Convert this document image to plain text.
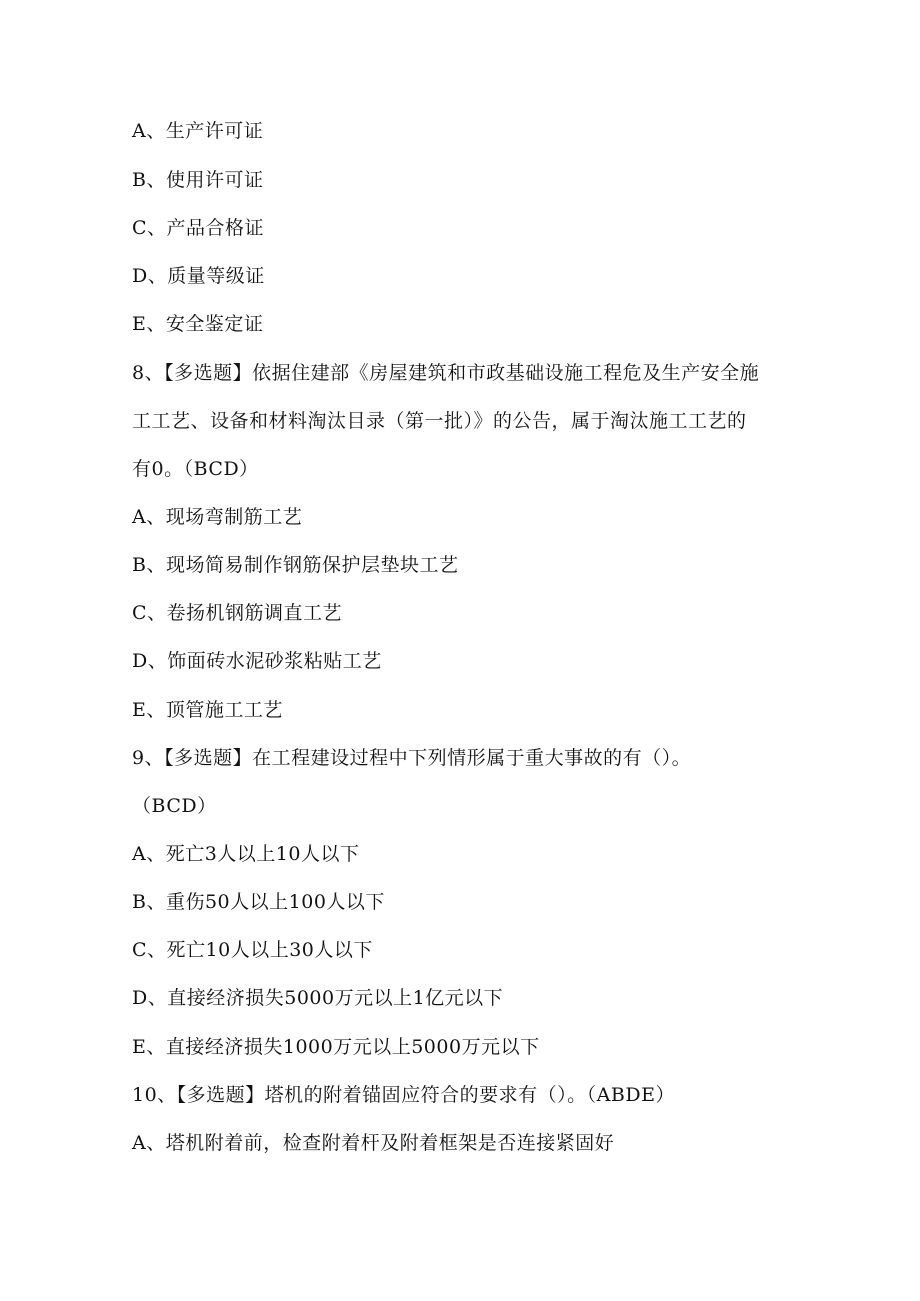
A、生产许可证
B、使用许可证
C、产品合格证
D、质量等级证
E、安全鉴定证
8、【多选题】依据住建部《房屋建筑和市政基础设施工程危及生产安全施
工工艺、设备和材料淘汰目录（第一批）》的公告，属于淘汰施工工艺的
有0。（BCD）
A、现场弯制筋工艺
B、现场简易制作钢筋保护层垫块工艺
C、卷扬机钢筋调直工艺
D、饰面砖水泥砂浆粘贴工艺
E、顶管施工工艺
9、【多选题】在工程建设过程中下列情形属于重大事故的有（）。
（BCD）
A、死亡3人以上10人以下
B、重伤50人以上100人以下
C、死亡10人以上30人以下
D、直接经济损失5000万元以上1亿元以下
E、直接经济损失1000万元以上5000万元以下
10、【多选题】塔机的附着锚固应符合的要求有（）。（ABDE）
A、塔机附着前，检查附着杆及附着框架是否连接紧固好
